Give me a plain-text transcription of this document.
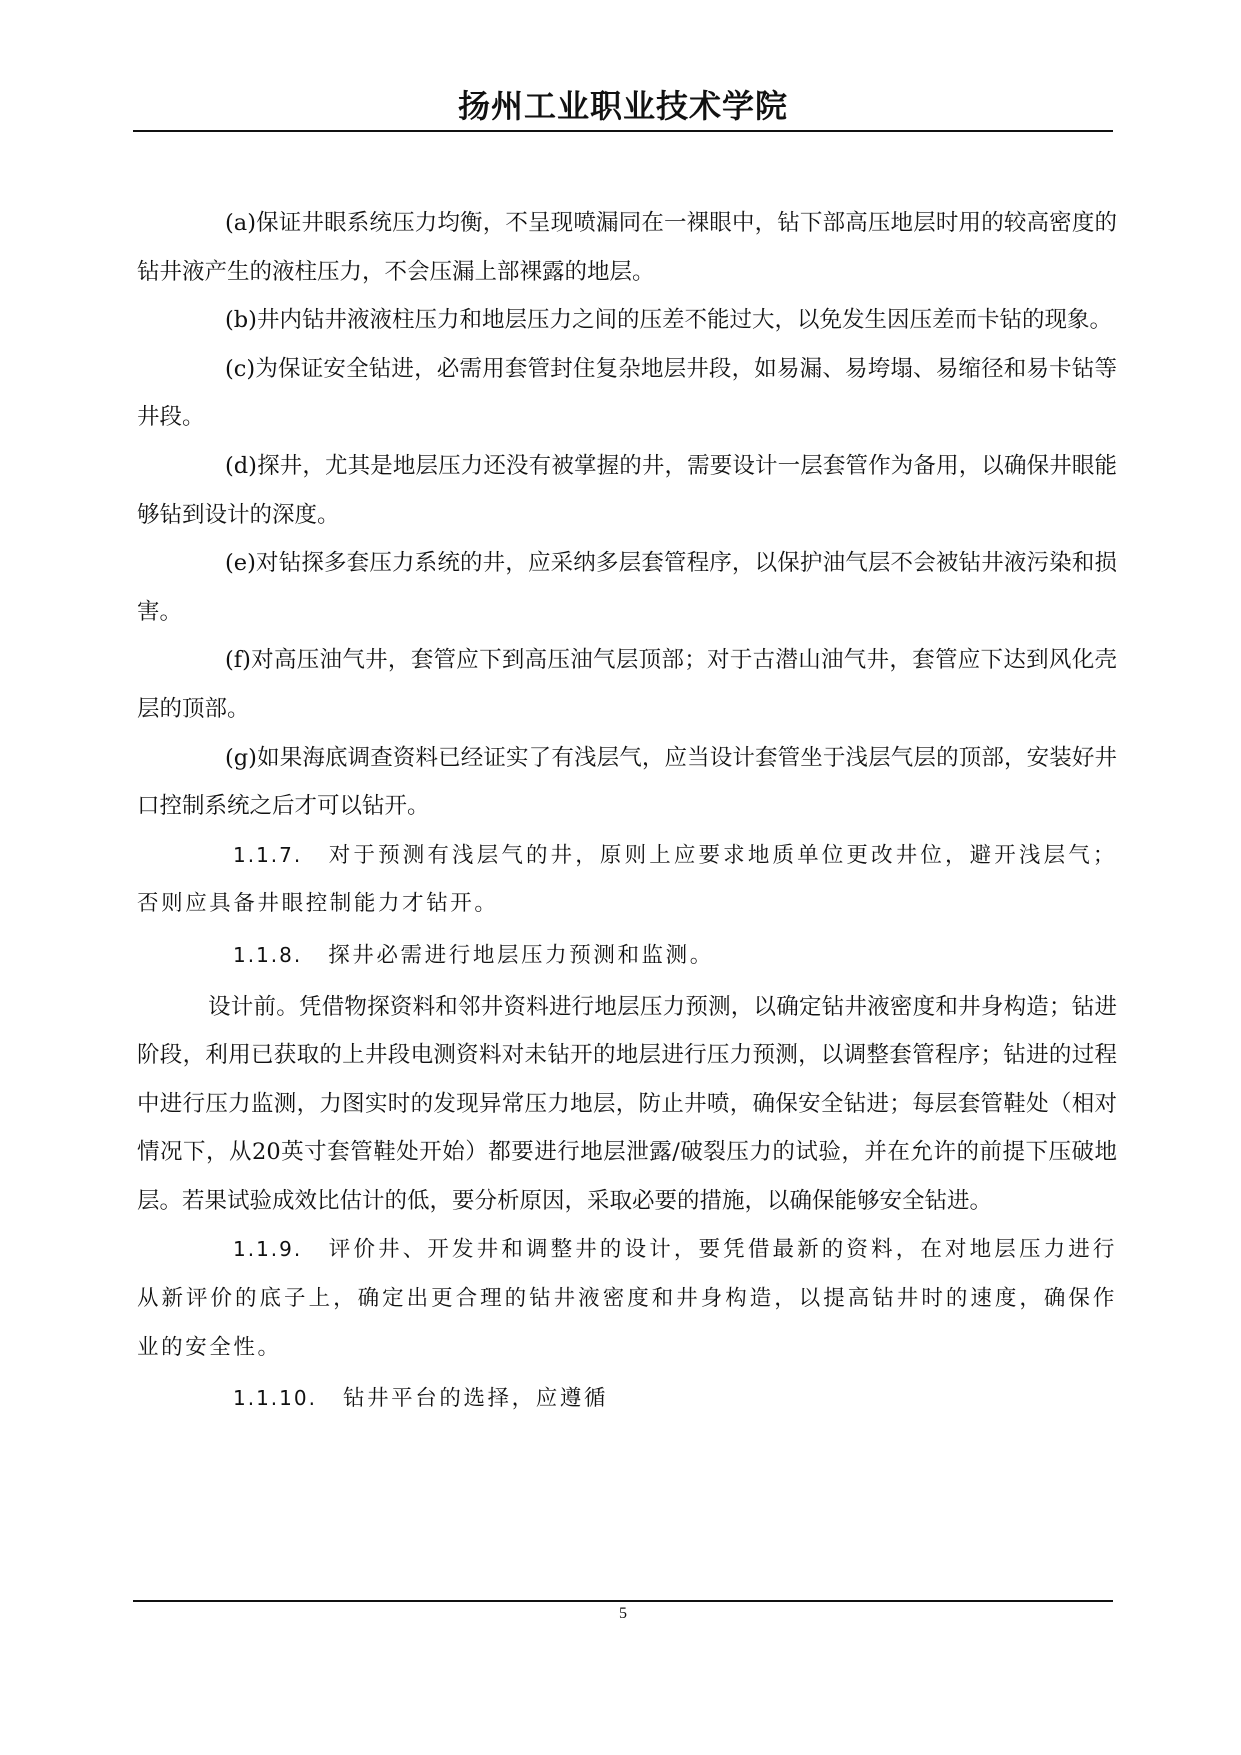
扬州工业职业技术学院

(a)保证井眼系统压力均衡，不呈现喷漏同在一裸眼中，钻下部高压地层时用的较高密度的钻井液产生的液柱压力，不会压漏上部裸露的地层。

(b)井内钻井液液柱压力和地层压力之间的压差不能过大，以免发生因压差而卡钻的现象。

(c)为保证安全钻进，必需用套管封住复杂地层井段，如易漏、易垮塌、易缩径和易卡钻等井段。

(d)探井，尤其是地层压力还没有被掌握的井，需要设计一层套管作为备用，以确保井眼能够钻到设计的深度。

(e)对钻探多套压力系统的井，应采纳多层套管程序，以保护油气层不会被钻井液污染和损害。

(f)对高压油气井，套管应下到高压油气层顶部；对于古潜山油气井，套管应下达到风化壳层的顶部。

(g)如果海底调查资料已经证实了有浅层气，应当设计套管坐于浅层气层的顶部，安装好井口控制系统之后才可以钻开。

1.1.7. 对于预测有浅层气的井，原则上应要求地质单位更改井位，避开浅层气；否则应具备井眼控制能力才钻开。

1.1.8. 探井必需进行地层压力预测和监测。

设计前。凭借物探资料和邻井资料进行地层压力预测，以确定钻井液密度和井身构造；钻进阶段，利用已获取的上井段电测资料对未钻开的地层进行压力预测，以调整套管程序；钻进的过程中进行压力监测，力图实时的发现异常压力地层，防止井喷，确保安全钻进；每层套管鞋处（相对情况下，从20英寸套管鞋处开始）都要进行地层泄露/破裂压力的试验，并在允许的前提下压破地层。若果试验成效比估计的低，要分析原因，采取必要的措施，以确保能够安全钻进。

1.1.9. 评价井、开发井和调整井的设计，要凭借最新的资料，在对地层压力进行从新评价的底子上，确定出更合理的钻井液密度和井身构造，以提高钻井时的速度，确保作业的安全性。

1.1.10. 钻井平台的选择，应遵循

5
